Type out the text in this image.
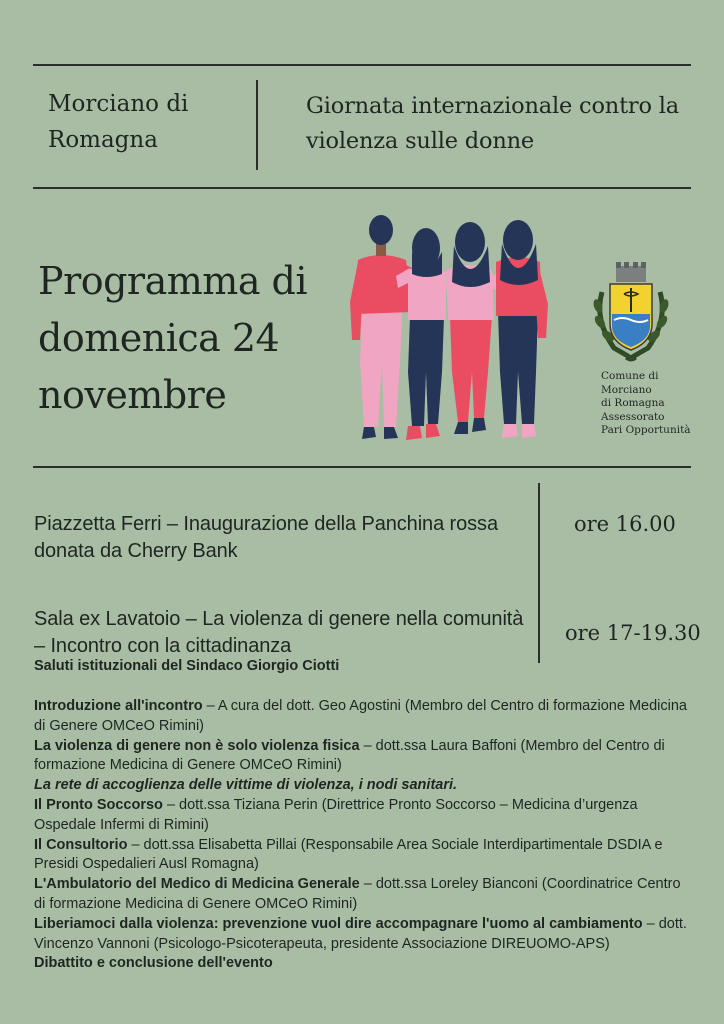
Morciano di Romagna
Giornata internazionale contro la violenza sulle donne
Programma di domenica 24 novembre	Comune di
Morciano
di Romagna
Assessorato
Pari Opportunità
Piazzetta Ferri – Inaugurazione della Panchina rossa donata da Cherry Bank
ore 16.00
Sala ex Lavatoio – La violenza di genere nella comunità – Incontro con la cittadinanza
ore 17-19.30
Saluti istituzionali del Sindaco Giorgio Ciotti

Introduzione all'incontro – A cura del dott. Geo Agostini (Membro del Centro di formazione Medicina di Genere OMCeO Rimini)

La violenza di genere non è solo violenza fisica – dott.ssa Laura Baffoni (Membro del Centro di formazione Medicina di Genere OMCeO Rimini)

La rete di accoglienza delle vittime di violenza, i nodi sanitari.

Il Pronto Soccorso – dott.ssa Tiziana Perin (Direttrice Pronto Soccorso – Medicina d’urgenza Ospedale Infermi di Rimini)

Il Consultorio – dott.ssa Elisabetta Pillai (Responsabile Area Sociale Interdipartimentale DSDIA e Presidi Ospedalieri Ausl Romagna)

L'Ambulatorio del Medico di Medicina Generale – dott.ssa Loreley Bianconi (Coordinatrice Centro di formazione Medicina di Genere OMCeO Rimini)

Liberiamoci dalla violenza: prevenzione vuol dire accompagnare l'uomo al cambiamento – dott. Vincenzo Vannoni (Psicologo-Psicoterapeuta, presidente Associazione DIREUOMO-APS)

Dibattito e conclusione dell'evento
